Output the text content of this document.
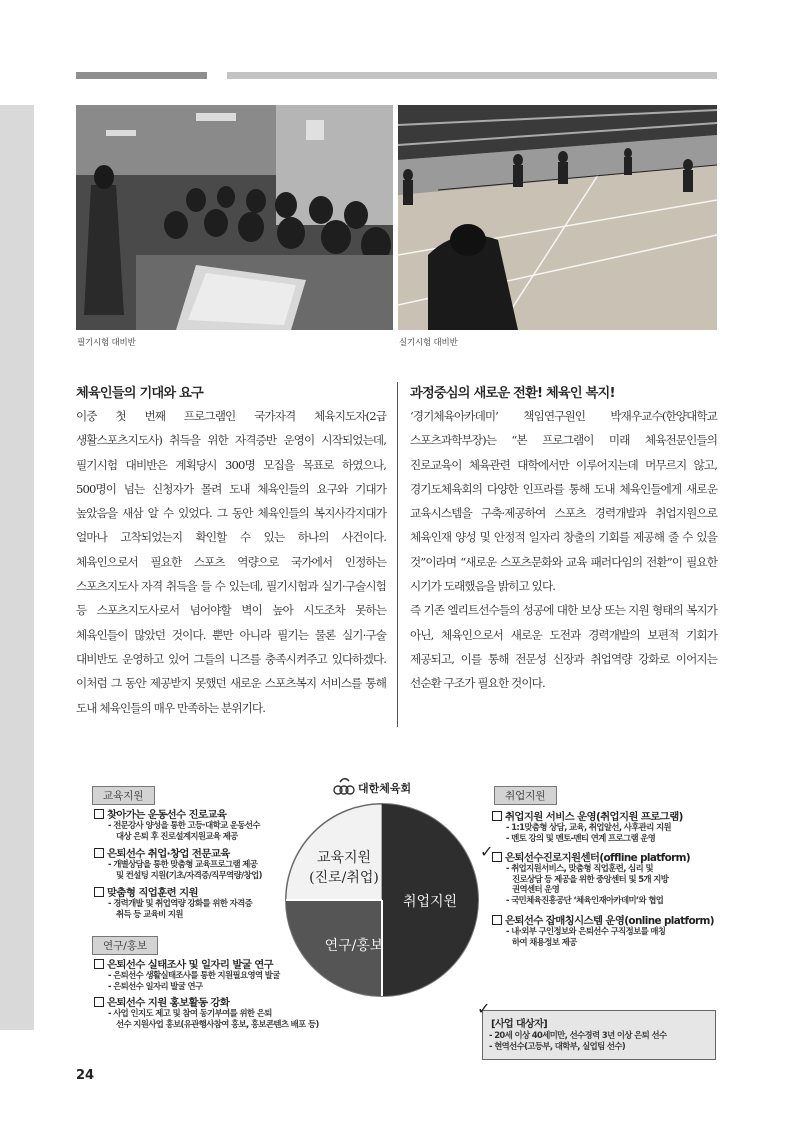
필기시험 대비반	실기시험 대비반
체육인들의 기대와 요구

이중 첫 번째 프로그램인 국가자격 체육지도자(2급 생활스포츠지도사) 취득을 위한 자격증반 운영이 시작되었는데, 필기시험 대비반은 계획당시 300명 모집을 목표로 하였으나, 500명이 넘는 신청자가 몰려 도내 체육인들의 요구와 기대가 높았음을 새삼 알 수 있었다. 그 동안 체육인들의 복지사각지대가 얼마나 고착되었는지 확인할 수 있는 하나의 사건이다. 체육인으로서 필요한 스포츠 역량으로 국가에서 인정하는 스포츠지도사 자격 취득을 들 수 있는데, 필기시험과 실기·구술시험 등 스포츠지도사로서 넘어야할 벽이 높아 시도조차 못하는 체육인들이 많았던 것이다. 뿐만 아니라 필기는 물론 실기·구술 대비반도 운영하고 있어 그들의 니즈를 충족시켜주고 있다하겠다. 이처럼 그 동안 제공받지 못했던 새로운 스포츠복지 서비스를 통해 도내 체육인들의 매우 만족하는 분위기다.

과정중심의 새로운 전환! 체육인 복지!

‘경기체육아카데미’ 책임연구원인 박재우교수(한양대학교 스포츠과학부장)는 “본 프로그램이 미래 체육전문인들의 진로교육이 체육관련 대학에서만 이루어지는데 머무르지 않고, 경기도체육회의 다양한 인프라를 통해 도내 체육인들에게 새로운 교육시스템을 구축·제공하여 스포츠 경력개발과 취업지원으로 체육인재 양성 및 안정적 일자리 창출의 기회를 제공해 줄 수 있을 것”이라며 “새로운 스포츠문화와 교육 패러다임의 전환”이 필요한 시기가 도래했음을 밝히고 있다.

즉 기존 엘리트선수들의 성공에 대한 보상 또는 지원 형태의 복지가 아닌, 체육인으로서 새로운 도전과 경력개발의 보편적 기회가 제공되고, 이를 통해 전문성 신장과 취업역량 강화로 이어지는 선순환 구조가 필요한 것이다.

대한체육회
교육지원
(진로/취업)
취업지원
연구/홍보
교육지원
찾아가는 운동선수 진로교육
- 전문강사 양성을 통한 고등·대학교 운동선수
대상 은퇴 후 진로설계지원교육 제공
은퇴선수 취업·창업 전문교육
- 개별상담을 통한 맞춤형 교육프로그램 제공
및 컨설팅 지원(기초/자격증/직무역량/창업)
맞춤형 직업훈련 지원
- 경력개발 및 취업역량 강화를 위한 자격증
취득 등 교육비 지원
연구/홍보
은퇴선수 실태조사 및 일자리 발굴 연구
- 은퇴선수 생활실태조사를 통한 지원필요영역 발굴
- 은퇴선수 일자리 발굴 연구
은퇴선수 지원 홍보활동 강화
- 사업 인지도 제고 및 참여 동기부여를 위한 은퇴
선수 지원사업 홍보(유관행사참여 홍보, 홍보콘텐츠 배포 등)
취업지원
취업지원 서비스 운영(취업지원 프로그램)
- 1:1맞춤형 상담, 교육, 취업알선, 사후관리 지원
- 멘토 강의 및 멘토-멘티 연계 프로그램 운영
✓	은퇴선수진로지원센터(offline platform)
- 취업지원서비스, 맞춤형 직업훈련, 심리 및
진로상담 등 제공을 위한 중앙센터 및 5개 지방
권역센터 운영
- 국민체육진흥공단 ‘체육인재아카데미’와 협업
은퇴선수 잡매칭시스템 운영(online platform)
- 내·외부 구인정보와 은퇴선수 구직정보를 매칭
하여 채용정보 제공
✓
[사업 대상자]
- 20세 이상 40세미만, 선수경력 3년 이상 은퇴 선수
- 현역선수(고등부, 대학부, 실업팀 선수)
24
